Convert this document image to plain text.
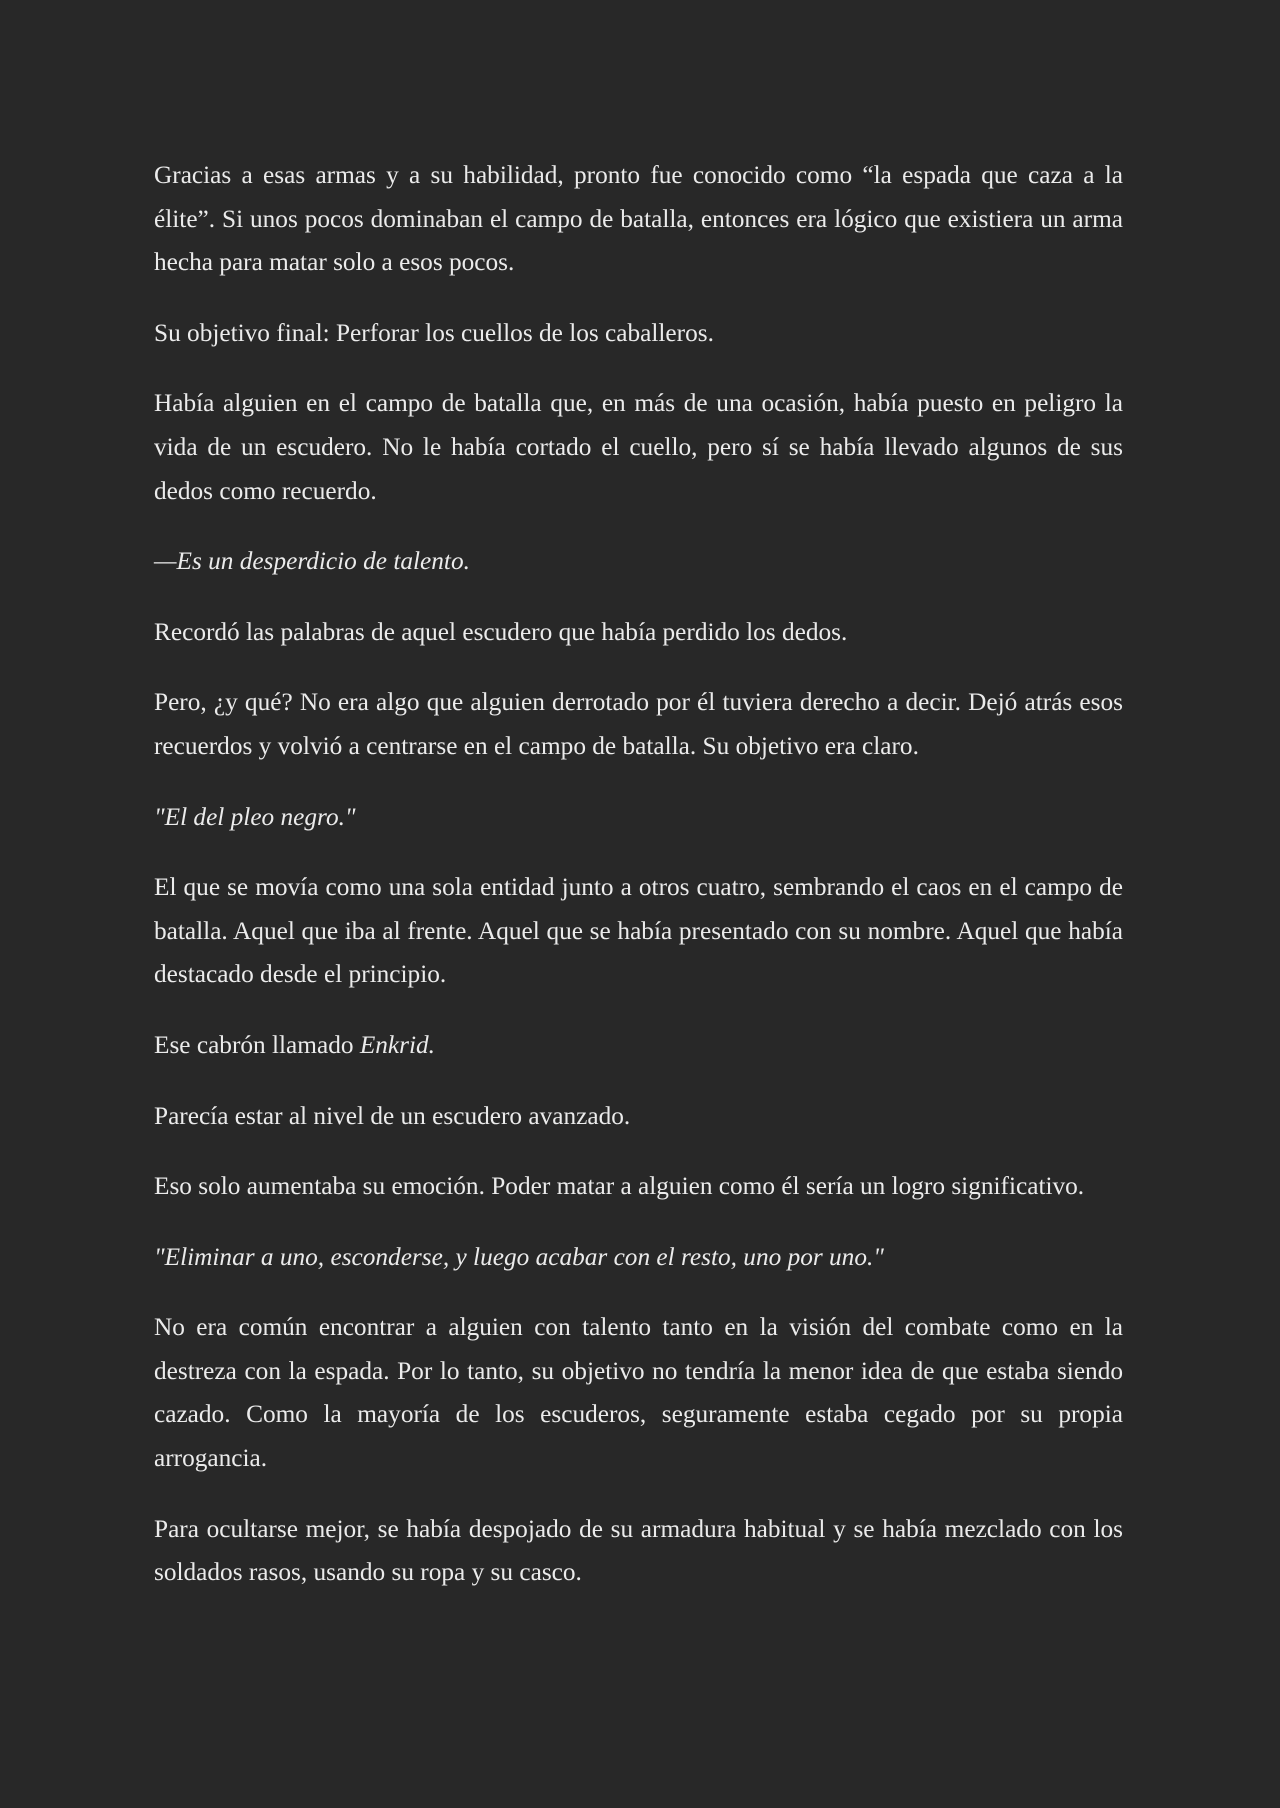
Gracias a esas armas y a su habilidad, pronto fue conocido como “la espada que caza a la élite”. Si unos pocos dominaban el campo de batalla, entonces era lógico que existiera un arma hecha para matar solo a esos pocos.

Su objetivo final: Perforar los cuellos de los caballeros.

Había alguien en el campo de batalla que, en más de una ocasión, había puesto en peligro la vida de un escudero. No le había cortado el cuello, pero sí se había llevado algunos de sus dedos como recuerdo.

—Es un desperdicio de talento.

Recordó las palabras de aquel escudero que había perdido los dedos.

Pero, ¿y qué? No era algo que alguien derrotado por él tuviera derecho a decir. Dejó atrás esos recuerdos y volvió a centrarse en el campo de batalla. Su objetivo era claro.

"El del pleo negro."

El que se movía como una sola entidad junto a otros cuatro, sembrando el caos en el campo de batalla. Aquel que iba al frente. Aquel que se había presentado con su nombre. Aquel que había destacado desde el principio.

Ese cabrón llamado Enkrid.

Parecía estar al nivel de un escudero avanzado.

Eso solo aumentaba su emoción. Poder matar a alguien como él sería un logro significativo.

"Eliminar a uno, esconderse, y luego acabar con el resto, uno por uno."

No era común encontrar a alguien con talento tanto en la visión del combate como en la destreza con la espada. Por lo tanto, su objetivo no tendría la menor idea de que estaba siendo cazado. Como la mayoría de los escuderos, seguramente estaba cegado por su propia arrogancia.

Para ocultarse mejor, se había despojado de su armadura habitual y se había mezclado con los soldados rasos, usando su ropa y su casco.
